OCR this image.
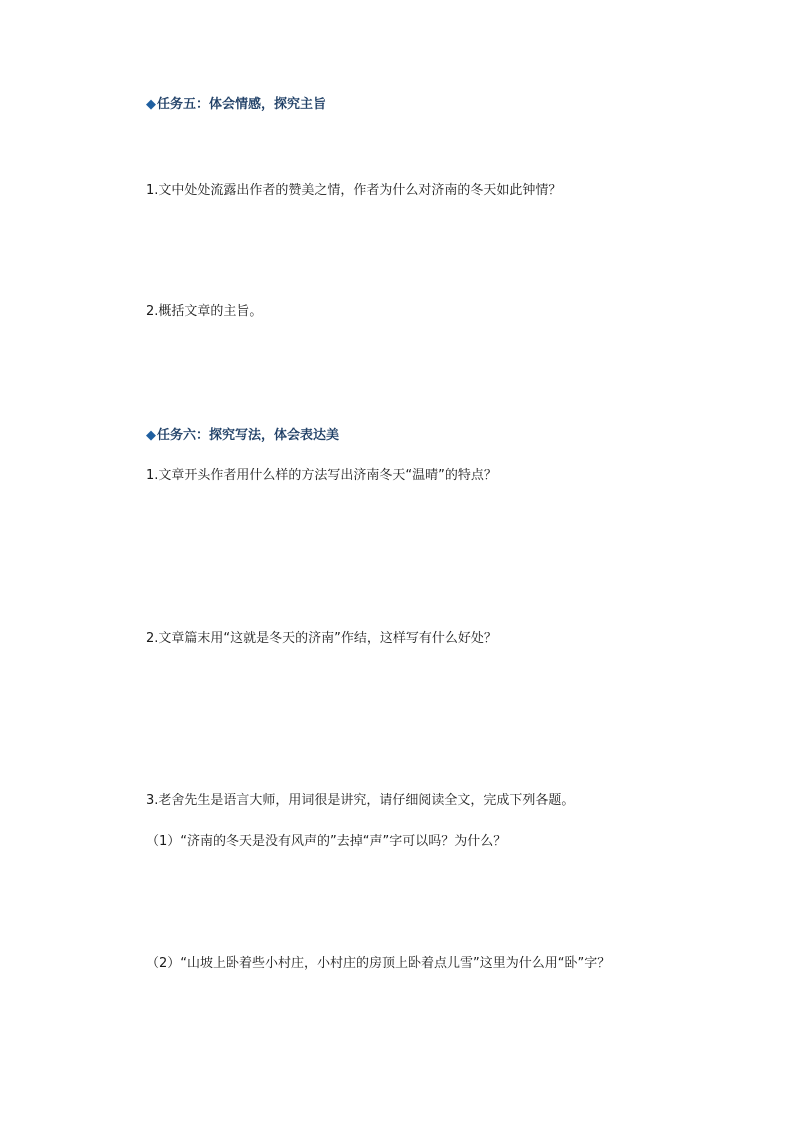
◆任务五：体会情感，探究主旨
1.文中处处流露出作者的赞美之情，作者为什么对济南的冬天如此钟情？
2.概括文章的主旨。
◆任务六：探究写法，体会表达美
1.文章开头作者用什么样的方法写出济南冬天“温晴”的特点？
2.文章篇末用“这就是冬天的济南”作结，这样写有什么好处？
3.老舍先生是语言大师，用词很是讲究，请仔细阅读全文，完成下列各题。
（1）“济南的冬天是没有风声的”去掉“声”字可以吗？为什么？
（2）“山坡上卧着些小村庄，小村庄的房顶上卧着点儿雪”这里为什么用“卧”字？
